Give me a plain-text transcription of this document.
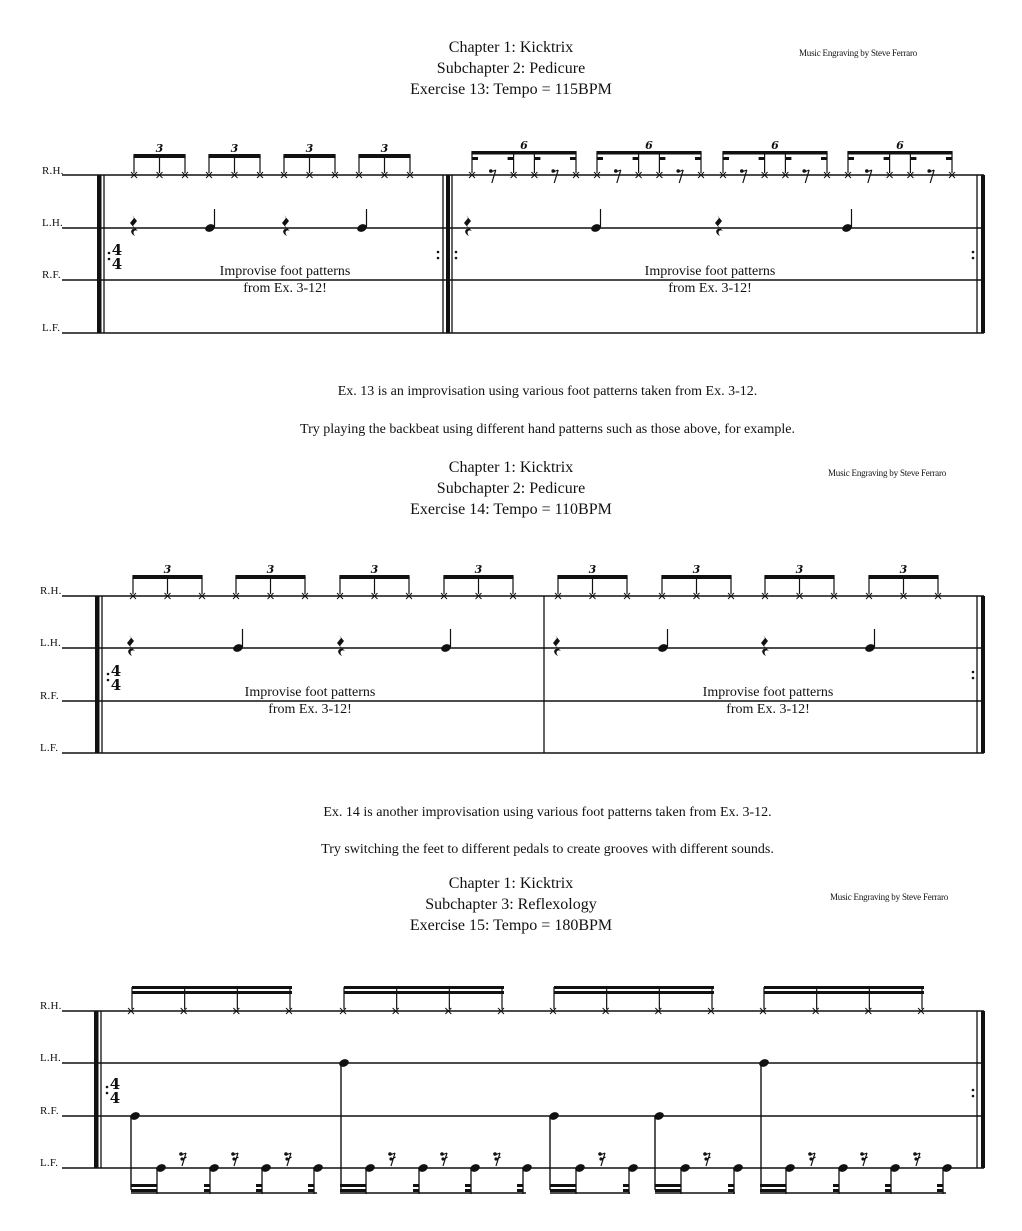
Chapter 1: Kicktrix
Subchapter 2: Pedicure
Exercise 13: Tempo = 115BPM
Music Engraving by Steve Ferraro
Chapter 1: Kicktrix
Subchapter 2: Pedicure
Exercise 14: Tempo = 110BPM
Music Engraving by Steve Ferraro
Chapter 1: Kicktrix
Subchapter 3: Reflexology
Exercise 15: Tempo = 180BPM
Music Engraving by Steve Ferraro
Ex. 13 is an improvisation using various foot patterns taken from Ex. 3-12.
Try playing the backbeat using different hand patterns such as those above, for example.
Ex. 14 is another improvisation using various foot patterns taken from Ex. 3-12.
Try switching the feet to different pedals to create grooves with different sounds.
R.H.
L.H.
R.F.
L.F.
R.H.
L.H.
R.F.
L.F.
R.H.
L.H.
R.F.
L.F.
Improvise foot patterns
from Ex. 3-12!
Improvise foot patterns
from Ex. 3-12!
Improvise foot patterns
from Ex. 3-12!
Improvise foot patterns
from Ex. 3-12!
4
4
3	3	3	3	6	6	6	6
4
4
3	3	3	3	3	3	3	3
4
4
